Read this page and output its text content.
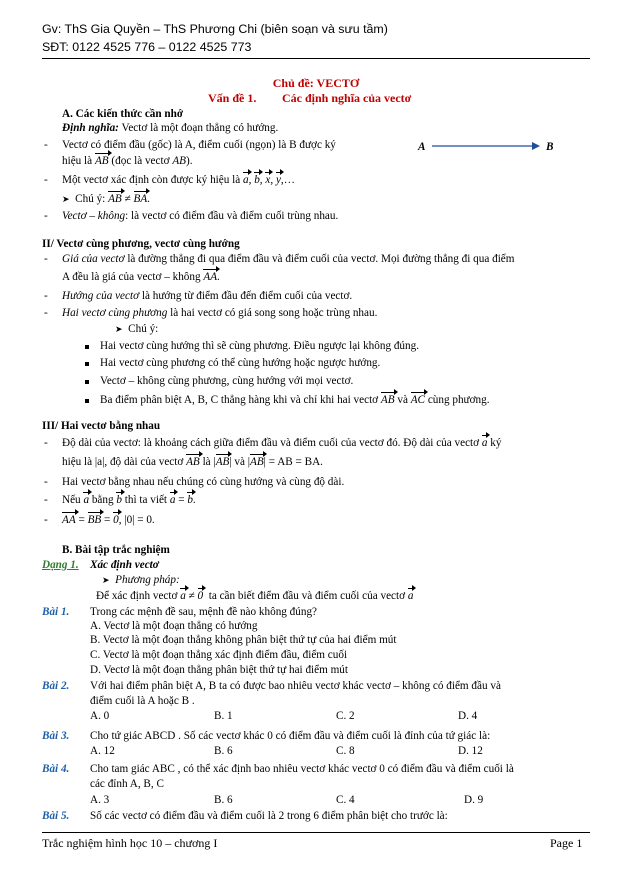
Gv: ThS Gia Quyền – ThS Phương Chi (biên soạn và sưu tầm)
SĐT: 0122 4525 776 – 0122 4525 773
Chủ đề: VECTƠ
Vấn đề 1. Các định nghĩa của vectơ
A. Các kiến thức cần nhớ
Định nghĩa: Vectơ là một đoạn thẳng có hướng.
- Vectơ có điểm đầu (gốc) là A, điểm cuối (ngọn) là B được ký
hiệu là AB (đọc là vectơ AB).
A	B
- Một vectơ xác định còn được ký hiệu là a, b, x, y,…
➤ Chú ý: AB ≠ BA.
- Vectơ – không: là vectơ có điểm đầu và điểm cuối trùng nhau.
II/ Vectơ cùng phương, vectơ cùng hướng
- Giá của vectơ là đường thẳng đi qua điểm đầu và điểm cuối của vectơ. Mọi đường thẳng đi qua điểm
A đều là giá của vectơ – không AA.
- Hướng của vectơ là hướng từ điểm đầu đến điểm cuối của vectơ.
- Hai vectơ cùng phương là hai vectơ có giá song song hoặc trùng nhau.
➤ Chú ý:
Hai vectơ cùng hướng thì sẽ cùng phương. Điều ngược lại không đúng.
Hai vectơ cùng phương có thể cùng hướng hoặc ngược hướng.
Vectơ – không cùng phương, cùng hướng với mọi vectơ.
Ba điểm phân biệt A, B, C thẳng hàng khi và chỉ khi hai vectơ AB và AC cùng phương.
III/ Hai vectơ bằng nhau
- Độ dài của vectơ: là khoảng cách giữa điểm đầu và điểm cuối của vectơ đó. Độ dài của vectơ a ký
hiệu là |a|, độ dài của vectơ AB là |AB| và |AB| = AB = BA.
- Hai vectơ bằng nhau nếu chúng có cùng hướng và cùng độ dài.
- Nếu a bằng b thì ta viết a = b.
- AA = BB = 0, |0| = 0.
B. Bài tập trắc nghiệm
Dạng 1. Xác định vectơ
➤ Phương pháp:
Để xác định vectơ a ≠ 0  ta cần biết điểm đầu và điểm cuối của vectơ a
Bài 1. Trong các mệnh đề sau, mệnh đề nào không đúng?
A. Vectơ là một đoạn thẳng có hướng
B. Vectơ là một đoạn thẳng không phân biệt thứ tự của hai điểm mút
C. Vectơ là một đoạn thẳng xác định điểm đầu, điểm cuối
D. Vectơ là một đoạn thẳng phân biệt thứ tự hai điểm mút
Bài 2. Với hai điểm phân biệt A, B ta có được bao nhiêu vectơ khác vectơ – không có điểm đầu và
điểm cuối là A hoặc B .
A. 0	B. 1	C. 2	D. 4
Bài 3. Cho tứ giác ABCD . Số các vectơ khác 0 có điểm đầu và điểm cuối là đỉnh của tứ giác là:
A. 12	B. 6	C. 8	D. 12
Bài 4. Cho tam giác ABC , có thể xác định bao nhiêu vectơ khác vectơ 0 có điểm đầu và điểm cuối là
các đỉnh A, B, C
A. 3	B. 6	C. 4	D. 9
Bài 5. Số các vectơ có điểm đầu và điểm cuối là 2 trong 6 điểm phân biệt cho trước là:
Trắc nghiệm hình học 10 – chương I	Page 1
